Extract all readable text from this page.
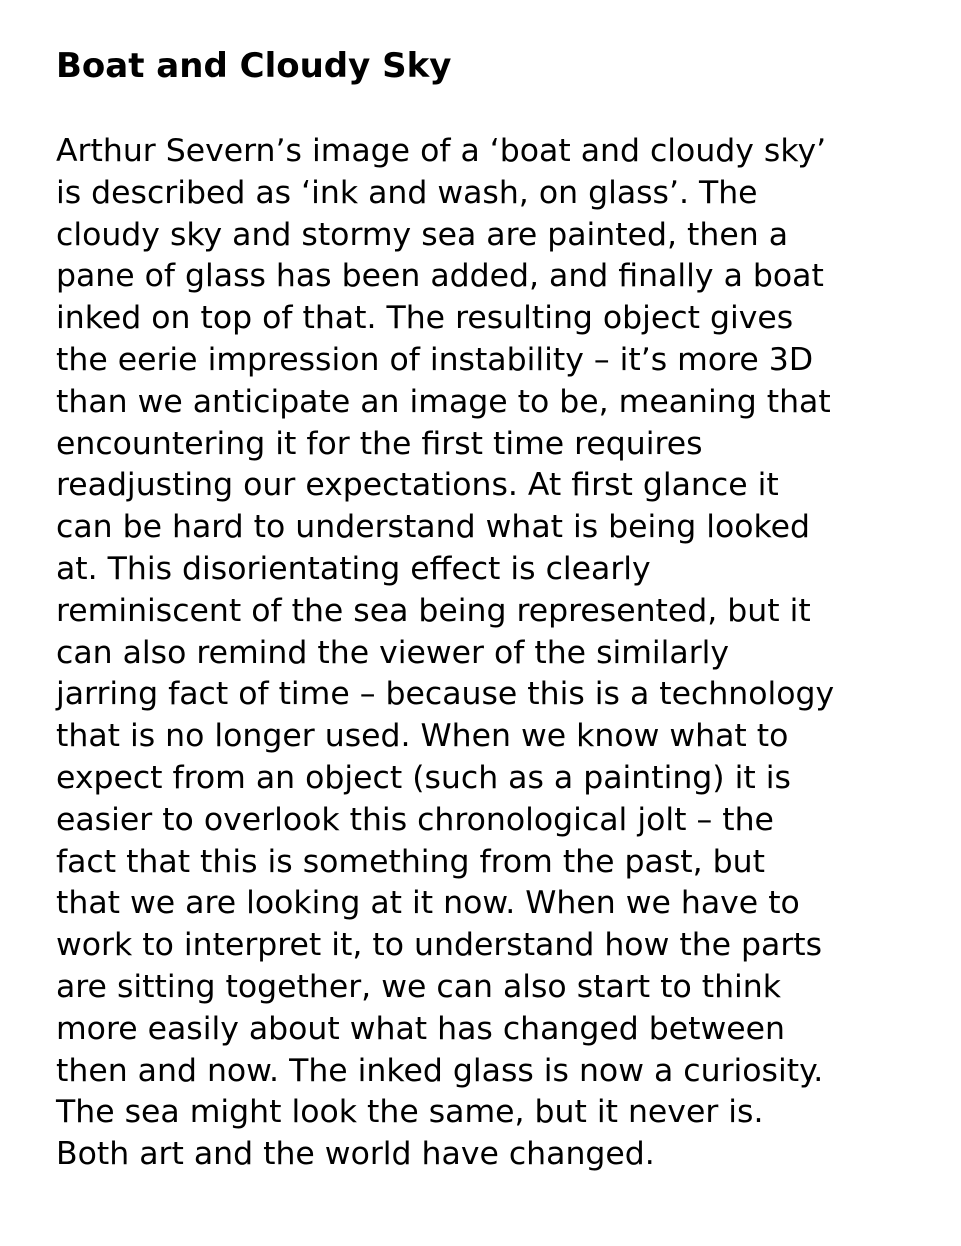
Boat and Cloudy Sky

Arthur Severn’s image of a ‘boat and cloudy sky’
is described as ‘ink and wash, on glass’. The
cloudy sky and stormy sea are painted, then a
pane of glass has been added, and finally a boat
inked on top of that. The resulting object gives
the eerie impression of instability – it’s more 3D
than we anticipate an image to be, meaning that
encountering it for the first time requires
readjusting our expectations. At first glance it
can be hard to understand what is being looked
at. This disorientating effect is clearly
reminiscent of the sea being represented, but it
can also remind the viewer of the similarly
jarring fact of time – because this is a technology
that is no longer used. When we know what to
expect from an object (such as a painting) it is
easier to overlook this chronological jolt – the
fact that this is something from the past, but
that we are looking at it now. When we have to
work to interpret it, to understand how the parts
are sitting together, we can also start to think
more easily about what has changed between
then and now. The inked glass is now a curiosity.
The sea might look the same, but it never is.
Both art and the world have changed.
